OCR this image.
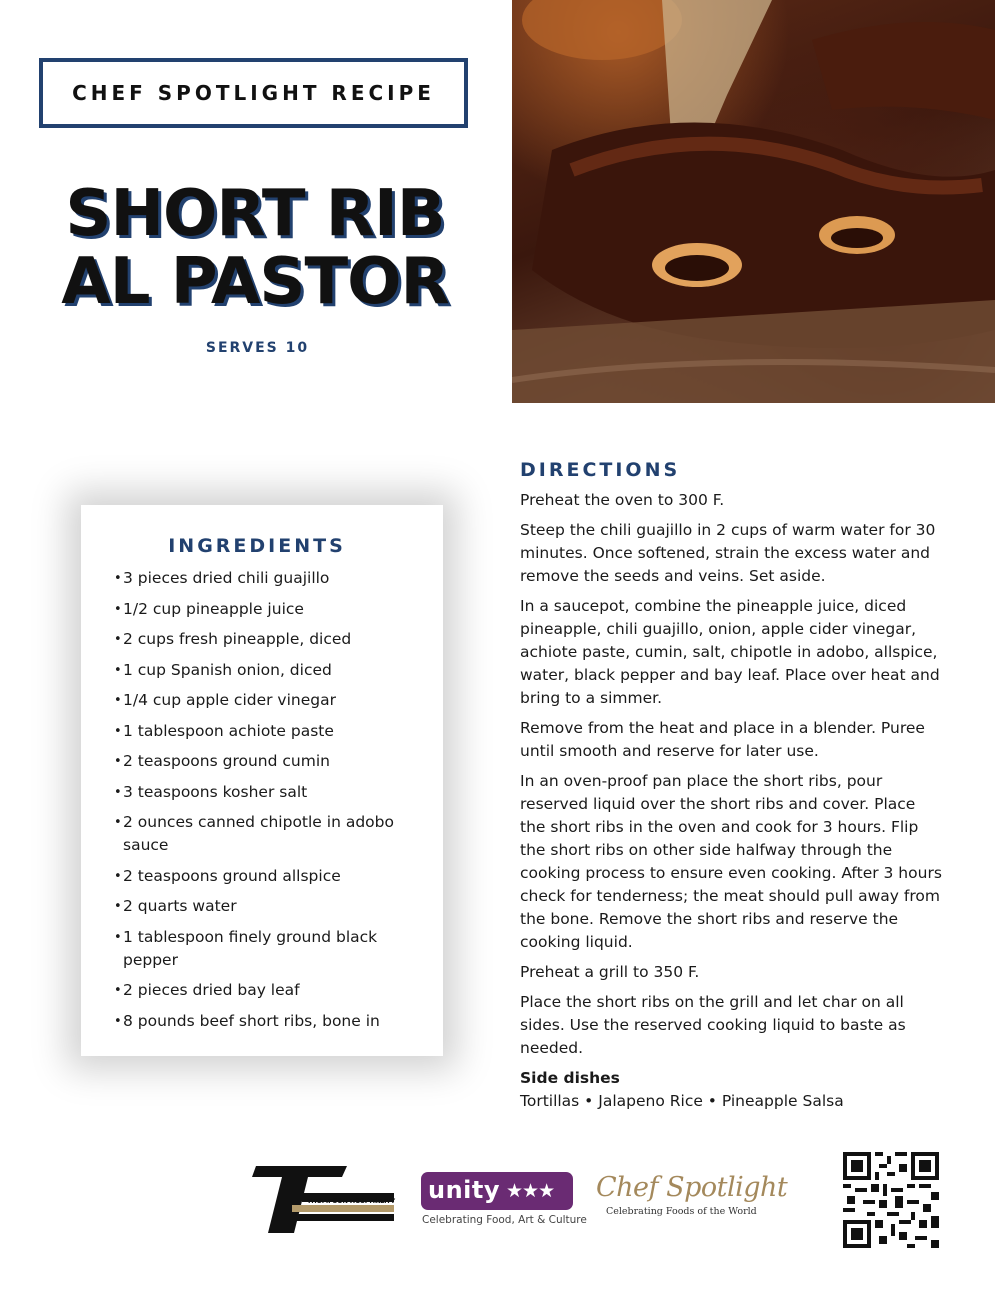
CHEF SPOTLIGHT RECIPE
SHORT RIB
AL PASTOR
SERVES 10
INGREDIENTS
• 3 pieces dried chili guajillo
• 1/2 cup pineapple juice
• 2 cups fresh pineapple, diced
• 1 cup Spanish onion, diced
• 1/4 cup apple cider vinegar
• 1 tablespoon achiote paste
• 2 teaspoons ground cumin
• 3 teaspoons kosher salt
• 2 ounces canned chipotle in adobo sauce
• 2 teaspoons ground allspice
• 2 quarts water
• 1 tablespoon finely ground black pepper
• 2 pieces dried bay leaf
• 8 pounds beef short ribs, bone in
DIRECTIONS

Preheat the oven to 300 F.

Steep the chili guajillo in 2 cups of warm water for 30 minutes. Once softened, strain the excess water and remove the seeds and veins. Set aside.

In a saucepot, combine the pineapple juice, diced pineapple, chili guajillo, onion, apple cider vinegar, achiote paste, cumin, salt, chipotle in adobo, allspice, water, black pepper and bay leaf. Place over heat and bring to a simmer.

Remove from the heat and place in a blender. Puree until smooth and reserve for later use.

In an oven-proof pan place the short ribs, pour reserved liquid over the short ribs and cover. Place the short ribs in the oven and cook for 3 hours. Flip the short ribs on other side halfway through the cooking process to ensure even cooking. After 3 hours check for tenderness; the meat should pull away from the bone. Remove the short ribs and reserve the cooking liquid.

Preheat a grill to 350 F.

Place the short ribs on the grill and let char on all sides. Use the reserved cooking liquid to baste as needed.

Side dishes
Tortillas • Jalapeno Rice • Pineapple Salsa
THOMPSON HOSPITALITY unity ★★★
Celebrating Food, Art & Culture
Chef Spotlight
Celebrating Foods of the World
